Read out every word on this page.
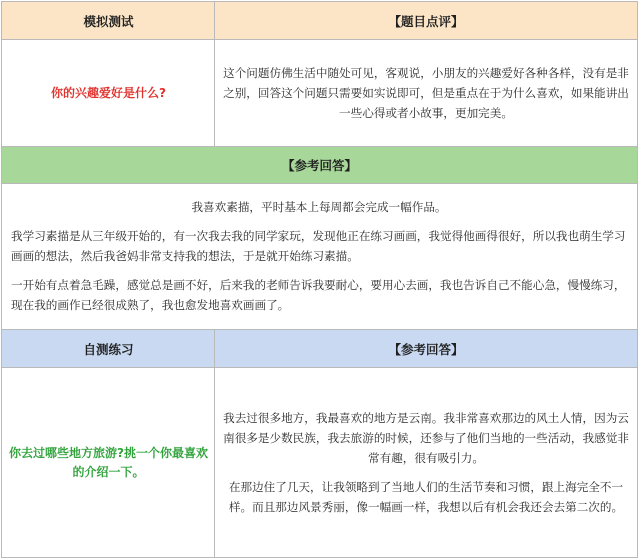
模拟测试	【题目点评】
你的兴趣爱好是什么?

这个问题仿佛生活中随处可见，客观说，小朋友的兴趣爱好各种各样，没有是非之别，回答这个问题只需要如实说即可，但是重点在于为什么喜欢，如果能讲出一些心得或者小故事，更加完美。

【参考回答】

我喜欢素描，平时基本上每周都会完成一幅作品。

我学习素描是从三年级开始的，有一次我去我的同学家玩，发现他正在练习画画，我觉得他画得很好，所以我也萌生学习画画的想法，然后我爸妈非常支持我的想法，于是就开始练习素描。

一开始有点着急毛躁，感觉总是画不好，后来我的老师告诉我要耐心，要用心去画，我也告诉自己不能心急，慢慢练习，现在我的画作已经很成熟了，我也愈发地喜欢画画了。

自测练习	【参考回答】
你去过哪些地方旅游?挑一个你最喜欢的介绍一下。

我去过很多地方，我最喜欢的地方是云南。我非常喜欢那边的风土人情，因为云南很多是少数民族，我去旅游的时候，还参与了他们当地的一些活动，我感觉非常有趣，很有吸引力。

在那边住了几天，让我领略到了当地人们的生活节奏和习惯，跟上海完全不一样。而且那边风景秀丽，像一幅画一样，我想以后有机会我还会去第二次的。
